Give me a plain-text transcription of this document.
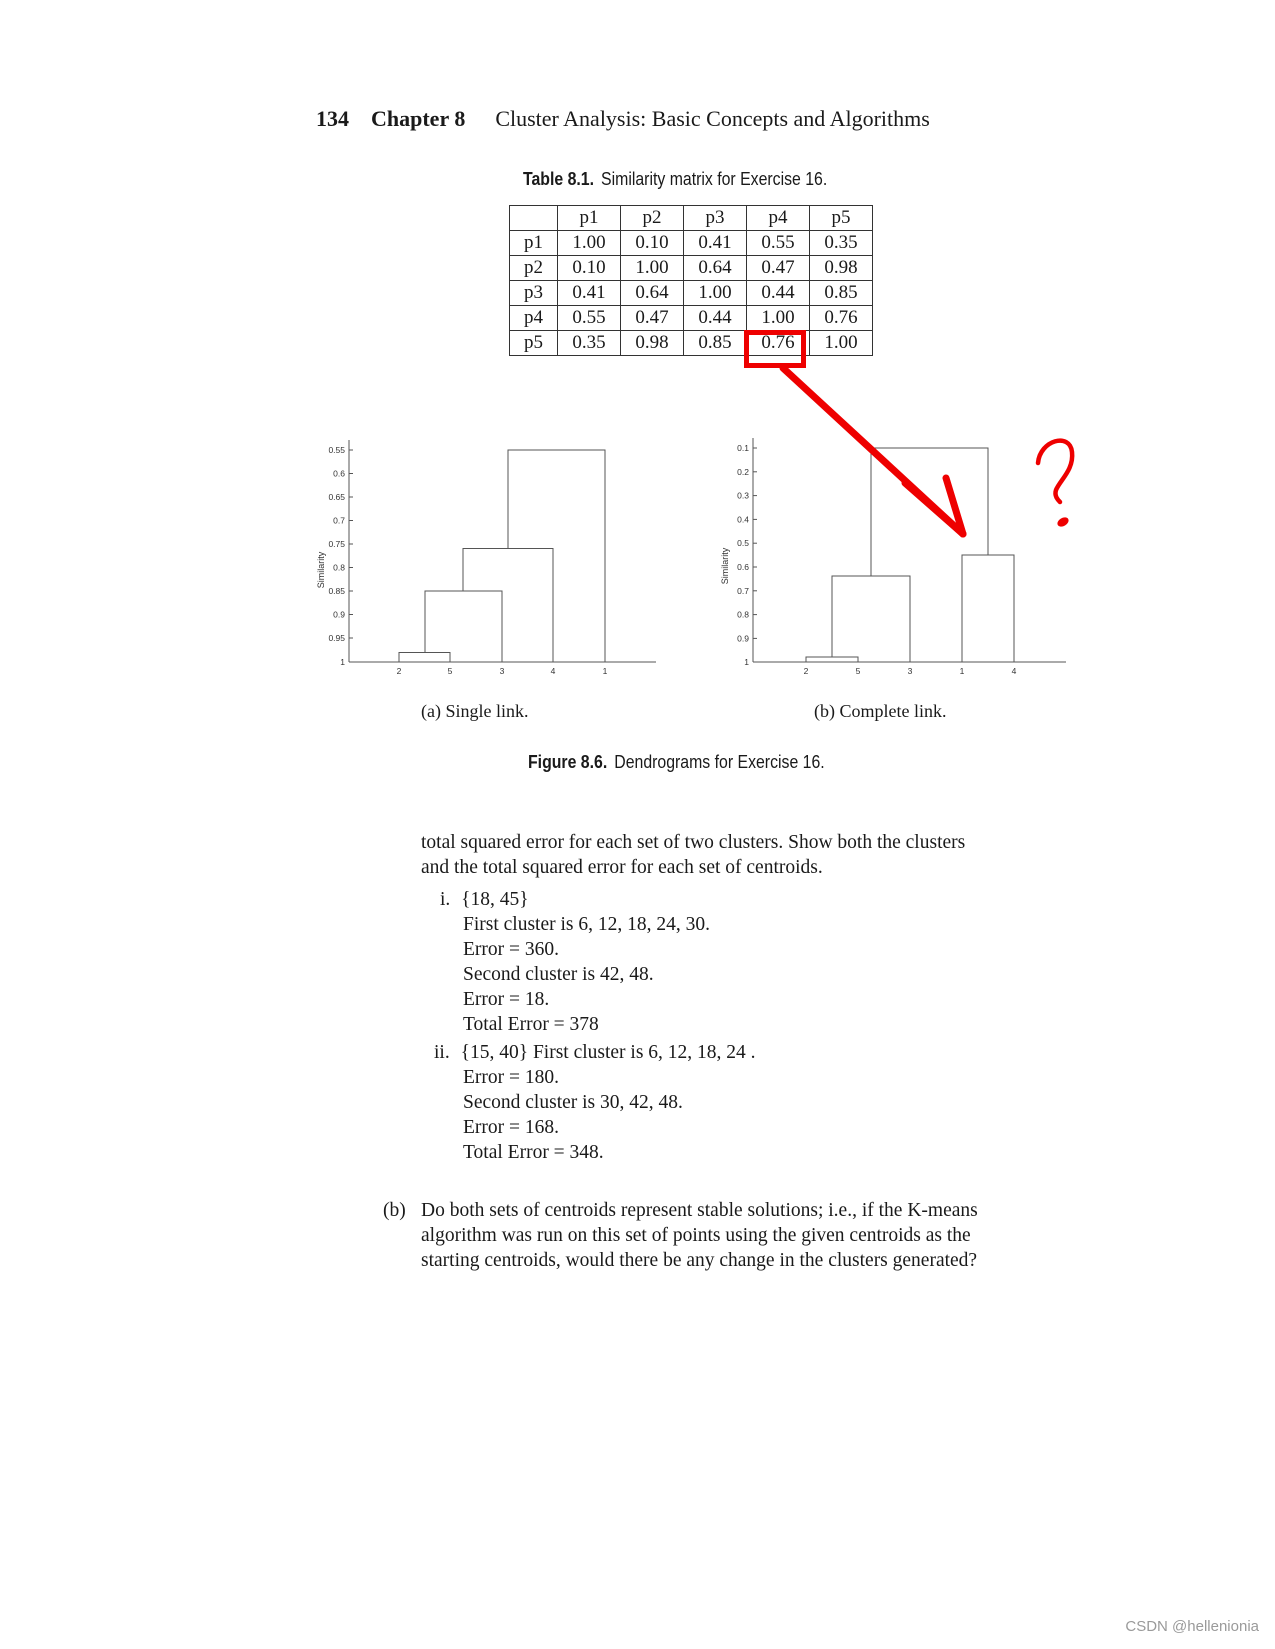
134 Chapter 8 Cluster Analysis: Basic Concepts and Algorithms
Table 8.1. Similarity matrix for Exercise 16.
	p1	p2	p3	p4	p5
p1	1.00	0.10	0.41	0.55	0.35
p2	0.10	1.00	0.64	0.47	0.98
p3	0.41	0.64	1.00	0.44	0.85
p4	0.55	0.47	0.44	1.00	0.76
p5	0.35	0.98	0.85	0.76	1.00
0.55
0.6
0.65
0.7
0.75
0.8
0.85
0.9
0.95
1
Similarity
2	5	3	4	1
0.1
0.2
0.3
0.4
0.5
0.6
0.7
0.8
0.9
1
Similarity
2	5	3	1	4
(a) Single link.	(b) Complete link.
Figure 8.6. Dendrograms for Exercise 16.
total squared error for each set of two clusters. Show both the clusters
and the total squared error for each set of centroids.
i. {18, 45}
First cluster is 6, 12, 18, 24, 30.
Error = 360.
Second cluster is 42, 48.
Error = 18.
Total Error = 378
ii. {15, 40} First cluster is 6, 12, 18, 24 .
Error = 180.
Second cluster is 30, 42, 48.
Error = 168.
Total Error = 348.
(b) Do both sets of centroids represent stable solutions; i.e., if the K-means
algorithm was run on this set of points using the given centroids as the
starting centroids, would there be any change in the clusters generated?
CSDN @hellenionia
